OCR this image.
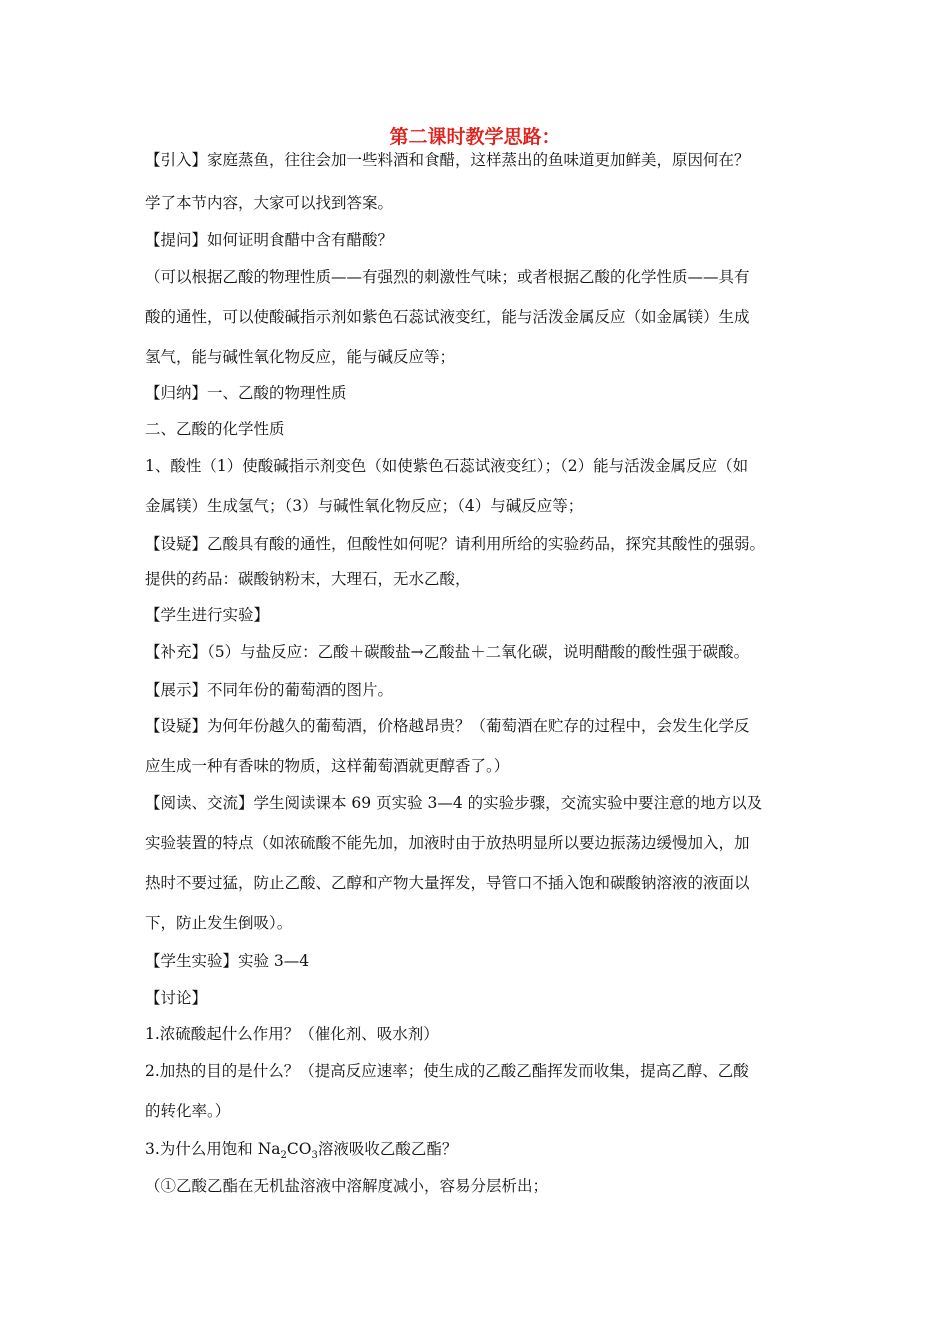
第二课时教学思路：
【引入】家庭蒸鱼，往往会加一些料酒和食醋，这样蒸出的鱼味道更加鲜美，原因何在？
学了本节内容，大家可以找到答案。
【提问】如何证明食醋中含有醋酸？
（可以根据乙酸的物理性质——有强烈的刺激性气味；或者根据乙酸的化学性质——具有
酸的通性，可以使酸碱指示剂如紫色石蕊试液变红，能与活泼金属反应（如金属镁）生成
氢气，能与碱性氧化物反应，能与碱反应等；
【归纳】一、乙酸的物理性质
二、乙酸的化学性质
1、酸性（1）使酸碱指示剂变色（如使紫色石蕊试液变红）；（2）能与活泼金属反应（如
金属镁）生成氢气；（3）与碱性氧化物反应；（4）与碱反应等；
【设疑】乙酸具有酸的通性，但酸性如何呢？请利用所给的实验药品，探究其酸性的强弱。
提供的药品：碳酸钠粉末，大理石，无水乙酸，
【学生进行实验】
【补充】（5）与盐反应：乙酸＋碳酸盐→乙酸盐＋二氧化碳，说明醋酸的酸性强于碳酸。
【展示】不同年份的葡萄酒的图片。
【设疑】为何年份越久的葡萄酒，价格越昂贵？（葡萄酒在贮存的过程中，会发生化学反
应生成一种有香味的物质，这样葡萄酒就更醇香了。）
【阅读、交流】学生阅读课本 69 页实验 3—4 的实验步骤，交流实验中要注意的地方以及
实验装置的特点（如浓硫酸不能先加，加液时由于放热明显所以要边振荡边缓慢加入，加
热时不要过猛，防止乙酸、乙醇和产物大量挥发，导管口不插入饱和碳酸钠溶液的液面以
下，防止发生倒吸）。
【学生实验】实验 3—4
【讨论】
1.浓硫酸起什么作用？（催化剂、吸水剂）
2.加热的目的是什么？（提高反应速率；使生成的乙酸乙酯挥发而收集，提高乙醇、乙酸
的转化率。）
3.为什么用饱和 $Na_2CO_3$溶液吸收乙酸乙酯？
（①乙酸乙酯在无机盐溶液中溶解度减小，容易分层析出；
